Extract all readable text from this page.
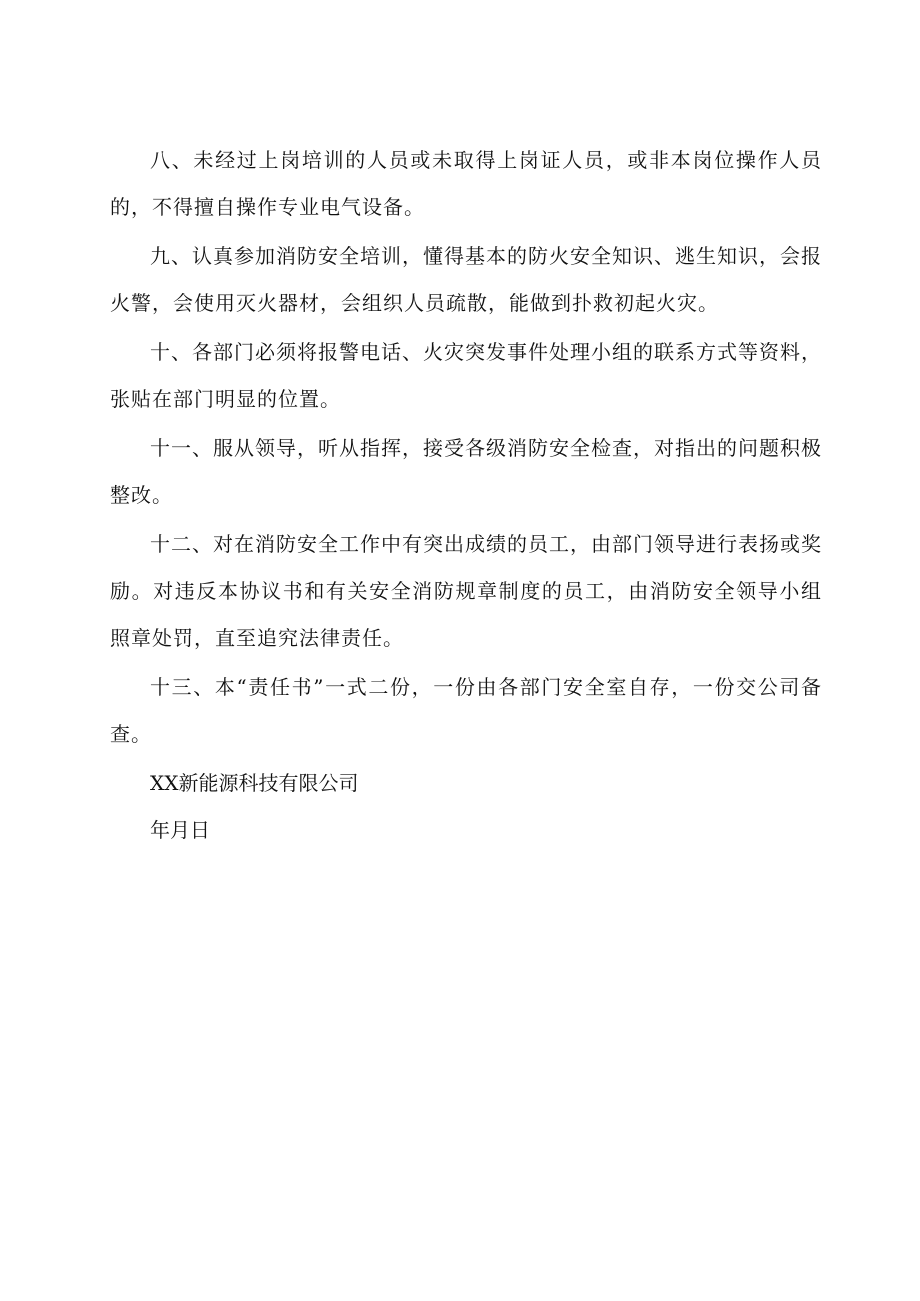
八、未经过上岗培训的人员或未取得上岗证人员，或非本岗位操作人员的，不得擅自操作专业电气设备。

九、认真参加消防安全培训，懂得基本的防火安全知识、逃生知识，会报火警，会使用灭火器材，会组织人员疏散，能做到扑救初起火灾。

十、各部门必须将报警电话、火灾突发事件处理小组的联系方式等资料，张贴在部门明显的位置。

十一、服从领导，听从指挥，接受各级消防安全检查，对指出的问题积极整改。

十二、对在消防安全工作中有突出成绩的员工，由部门领导进行表扬或奖励。对违反本协议书和有关安全消防规章制度的员工，由消防安全领导小组照章处罚，直至追究法律责任。

十三、本“责任书”一式二份，一份由各部门安全室自存，一份交公司备查。

XX新能源科技有限公司

年月日
